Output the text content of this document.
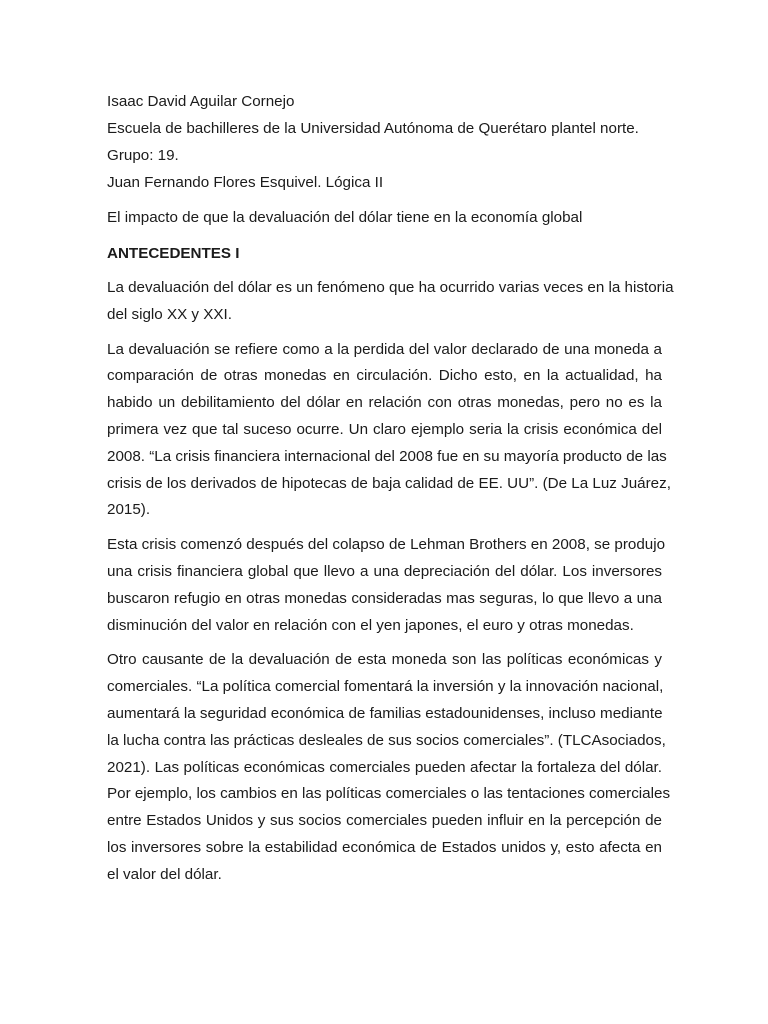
Isaac David Aguilar Cornejo

Escuela de bachilleres de la Universidad Autónoma de Querétaro plantel norte.

Grupo: 19.

Juan Fernando Flores Esquivel. Lógica II

El impacto de que la devaluación del dólar tiene en la economía global

ANTECEDENTES I

La devaluación del dólar es un fenómeno que ha ocurrido varias veces en la historia
del siglo XX y XXI.

La devaluación se refiere como a la perdida del valor declarado de una moneda a
comparación de otras monedas en circulación. Dicho esto, en la actualidad, ha
habido un debilitamiento del dólar en relación con otras monedas, pero no es la
primera vez que tal suceso ocurre. Un claro ejemplo seria la crisis económica del
2008. “La crisis financiera internacional del 2008 fue en su mayoría producto de las
crisis de los derivados de hipotecas de baja calidad de EE. UU”. (De La Luz Juárez,
2015).

Esta crisis comenzó después del colapso de Lehman Brothers en 2008, se produjo
una crisis financiera global que llevo a una depreciación del dólar. Los inversores
buscaron refugio en otras monedas consideradas mas seguras, lo que llevo a una
disminución del valor en relación con el yen japones, el euro y otras monedas.

Otro causante de la devaluación de esta moneda son las políticas económicas y
comerciales. “La política comercial fomentará la inversión y la innovación nacional,
aumentará la seguridad económica de familias estadounidenses, incluso mediante
la lucha contra las prácticas desleales de sus socios comerciales”. (TLCAsociados,
2021). Las políticas económicas comerciales pueden afectar la fortaleza del dólar.
Por ejemplo, los cambios en las políticas comerciales o las tentaciones comerciales
entre Estados Unidos y sus socios comerciales pueden influir en la percepción de
los inversores sobre la estabilidad económica de Estados unidos y, esto afecta en
el valor del dólar.
